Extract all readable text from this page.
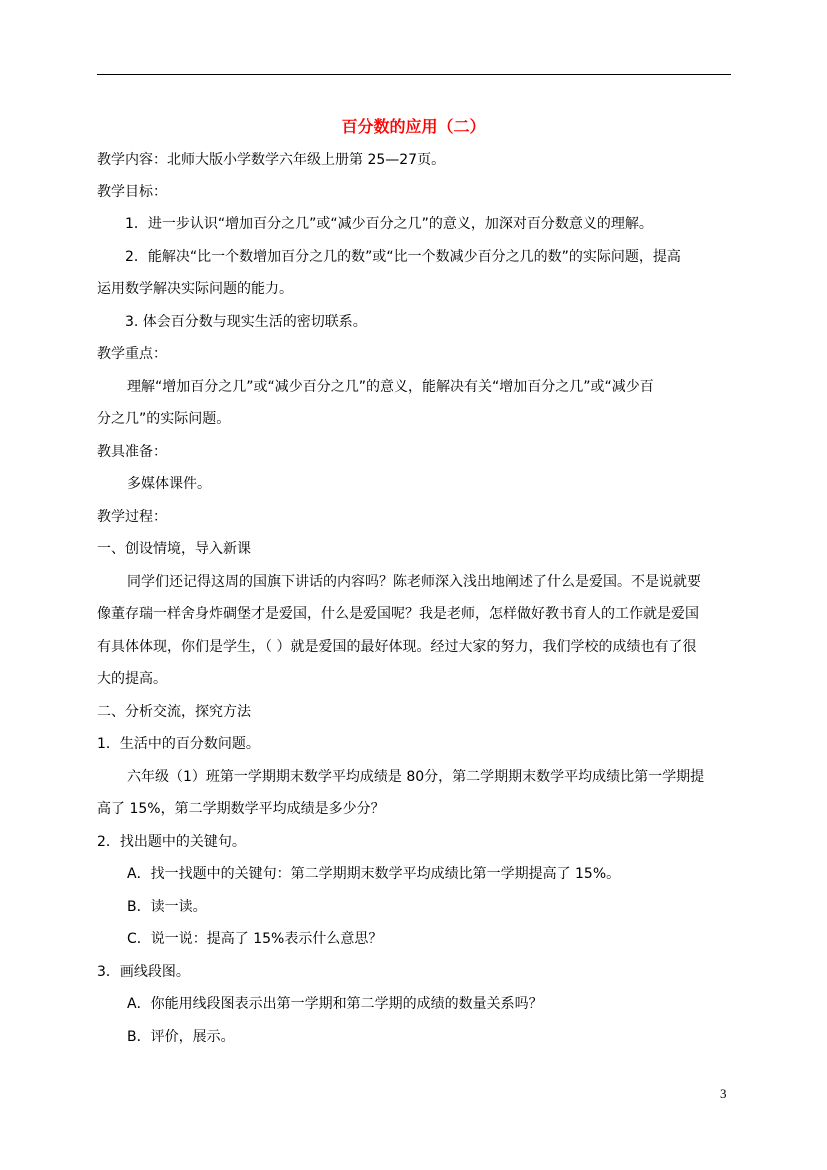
百分数的应用（二）
教学内容：北师大版小学数学六年级上册第 25—27页。
教学目标：
1．进一步认识“增加百分之几”或“减少百分之几”的意义，加深对百分数意义的理解。
2．能解决“比一个数增加百分之几的数”或“比一个数减少百分之几的数”的实际问题，提高
运用数学解决实际问题的能力。
3. 体会百分数与现实生活的密切联系。
教学重点：
理解“增加百分之几”或“减少百分之几”的意义，能解决有关“增加百分之几”或“减少百
分之几”的实际问题。
教具准备：
多媒体课件。
教学过程：
一、创设情境，导入新课
同学们还记得这周的国旗下讲话的内容吗？陈老师深入浅出地阐述了什么是爱国。不是说就要
像董存瑞一样舍身炸碉堡才是爱国，什么是爱国呢？我是老师，怎样做好教书育人的工作就是爱国
有具体体现，你们是学生，（ ）就是爱国的最好体现。经过大家的努力，我们学校的成绩也有了很
大的提高。
二、分析交流，探究方法
1．生活中的百分数问题。
六年级（1）班第一学期期末数学平均成绩是 80分，第二学期期末数学平均成绩比第一学期提
高了 15%，第二学期数学平均成绩是多少分？
2．找出题中的关键句。
A．找一找题中的关键句：第二学期期末数学平均成绩比第一学期提高了 15%。
B．读一读。
C．说一说：提高了 15%表示什么意思？
3．画线段图。
A．你能用线段图表示出第一学期和第二学期的成绩的数量关系吗？
B．评价，展示。
3
